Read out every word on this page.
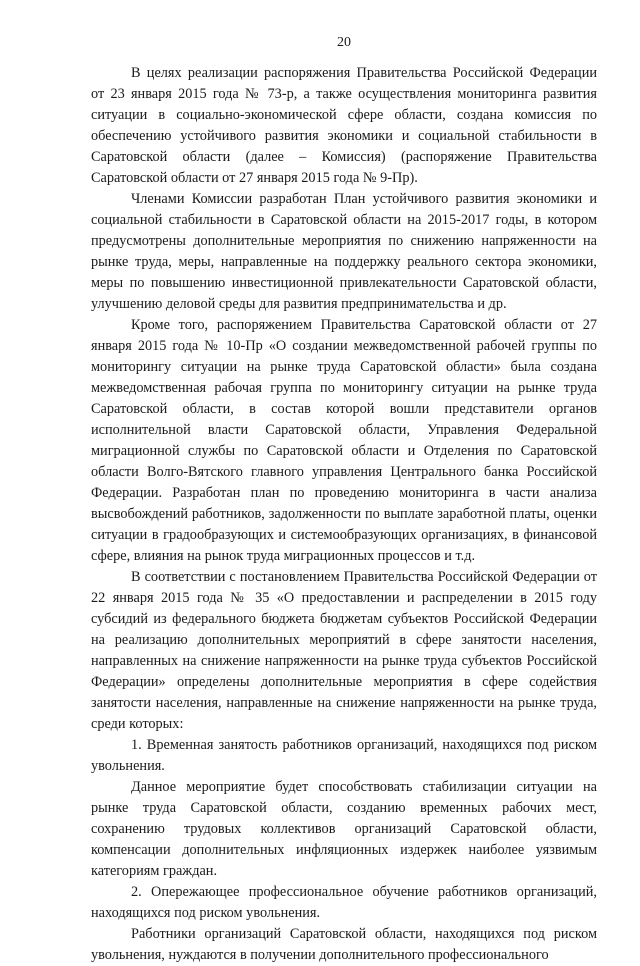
20

В целях реализации распоряжения Правительства Российской Федерации от 23 января 2015 года № 73-р, а также осуществления мониторинга развития ситуации в социально-экономической сфере области, создана комиссия по обеспечению устойчивого развития экономики и социальной стабильности в Саратовской области (далее – Комиссия) (распоряжение Правительства Саратовской области от 27 января 2015 года № 9-Пр).

Членами Комиссии разработан План устойчивого развития экономики и социальной стабильности в Саратовской области на 2015-2017 годы, в котором предусмотрены дополнительные мероприятия по снижению напряженности на рынке труда, меры, направленные на поддержку реального сектора экономики, меры по повышению инвестиционной привлекательности Саратовской области, улучшению деловой среды для развития предпринимательства и др.

Кроме того, распоряжением Правительства Саратовской области от 27 января 2015 года № 10-Пр «О создании межведомственной рабочей группы по мониторингу ситуации на рынке труда Саратовской области» была создана межведомственная рабочая группа по мониторингу ситуации на рынке труда Саратовской области, в состав которой вошли представители органов исполнительной власти Саратовской области, Управления Федеральной миграционной службы по Саратовской области и Отделения по Саратовской области Волго-Вятского главного управления Центрального банка Российской Федерации. Разработан план по проведению мониторинга в части анализа высвобождений работников, задолженности по выплате заработной платы, оценки ситуации в градообразующих и системообразующих организациях, в финансовой сфере, влияния на рынок труда миграционных процессов и т.д.

В соответствии с постановлением Правительства Российской Федерации от 22 января 2015 года № 35 «О предоставлении и распределении в 2015 году субсидий из федерального бюджета бюджетам субъектов Российской Федерации на реализацию дополнительных мероприятий в сфере занятости населения, направленных на снижение напряженности на рынке труда субъектов Российской Федерации» определены дополнительные мероприятия в сфере содействия занятости населения, направленные на снижение напряженности на рынке труда, среди которых:

1. Временная занятость работников организаций, находящихся под риском увольнения.

Данное мероприятие будет способствовать стабилизации ситуации на рынке труда Саратовской области, созданию временных рабочих мест, сохранению трудовых коллективов организаций Саратовской области, компенсации дополнительных инфляционных издержек наиболее уязвимым категориям граждан.

2. Опережающее профессиональное обучение работников организаций, находящихся под риском увольнения.

Работники организаций Саратовской области, находящихся под риском увольнения, нуждаются в получении дополнительного профессионального
